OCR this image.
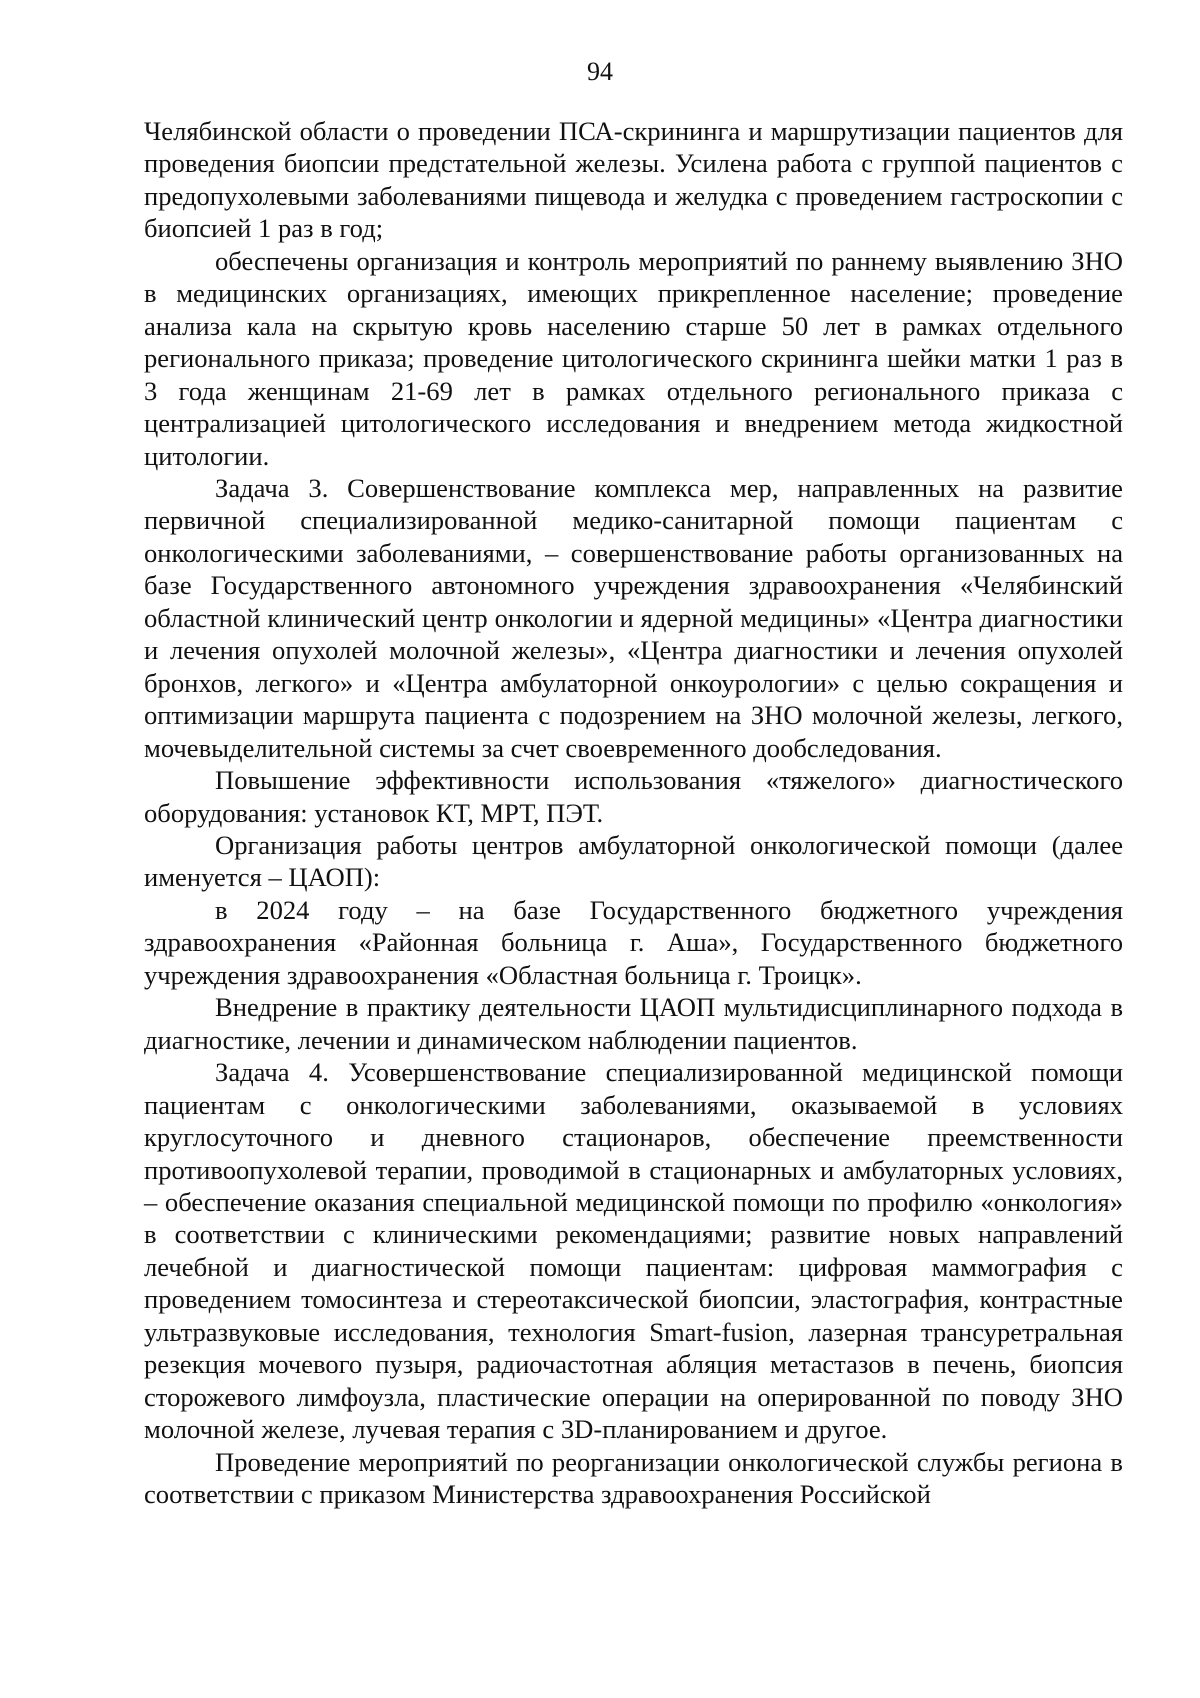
94

Челябинской области о проведении ПСА-скрининга и маршрутизации пациентов для проведения биопсии предстательной железы. Усилена работа с группой пациентов с предопухолевыми заболеваниями пищевода и желудка с проведением гастроскопии с биопсией 1 раз в год;

обеспечены организация и контроль мероприятий по раннему выявлению ЗНО в медицинских организациях, имеющих прикрепленное население; проведение анализа кала на скрытую кровь населению старше 50 лет в рамках отдельного регионального приказа; проведение цитологического скрининга шейки матки 1 раз в 3 года женщинам 21-69 лет в рамках отдельного регионального приказа с централизацией цитологического исследования и внедрением метода жидкостной цитологии.

Задача 3. Совершенствование комплекса мер, направленных на развитие первичной специализированной медико-санитарной помощи пациентам с онкологическими заболеваниями, – совершенствование работы организованных на базе Государственного автономного учреждения здравоохранения «Челябинский областной клинический центр онкологии и ядерной медицины» «Центра диагностики и лечения опухолей молочной железы», «Центра диагностики и лечения опухолей бронхов, легкого» и «Центра амбулаторной онкоурологии» с целью сокращения и оптимизации маршрута пациента с подозрением на ЗНО молочной железы, легкого, мочевыделительной системы за счет своевременного дообследования.

Повышение эффективности использования «тяжелого» диагностического оборудования: установок КТ, МРТ, ПЭТ.

Организация работы центров амбулаторной онкологической помощи (далее именуется – ЦАОП):

в 2024 году – на базе Государственного бюджетного учреждения здравоохранения «Районная больница г. Аша», Государственного бюджетного учреждения здравоохранения «Областная больница г. Троицк».

Внедрение в практику деятельности ЦАОП мультидисциплинарного подхода в диагностике, лечении и динамическом наблюдении пациентов.

Задача 4. Усовершенствование специализированной медицинской помощи пациентам с онкологическими заболеваниями, оказываемой в условиях круглосуточного и дневного стационаров, обеспечение преемственности противоопухолевой терапии, проводимой в стационарных и амбулаторных условиях, – обеспечение оказания специальной медицинской помощи по профилю «онкология» в соответствии с клиническими рекомендациями; развитие новых направлений лечебной и диагностической помощи пациентам: цифровая маммография с проведением томосинтеза и стереотаксической биопсии, эластография, контрастные ультразвуковые исследования, технология Smart-fusion, лазерная трансуретральная резекция мочевого пузыря, радиочастотная абляция метастазов в печень, биопсия сторожевого лимфоузла, пластические операции на оперированной по поводу ЗНО молочной железе, лучевая терапия с 3D-планированием и другое.

Проведение мероприятий по реорганизации онкологической службы региона в соответствии с приказом Министерства здравоохранения Российской
